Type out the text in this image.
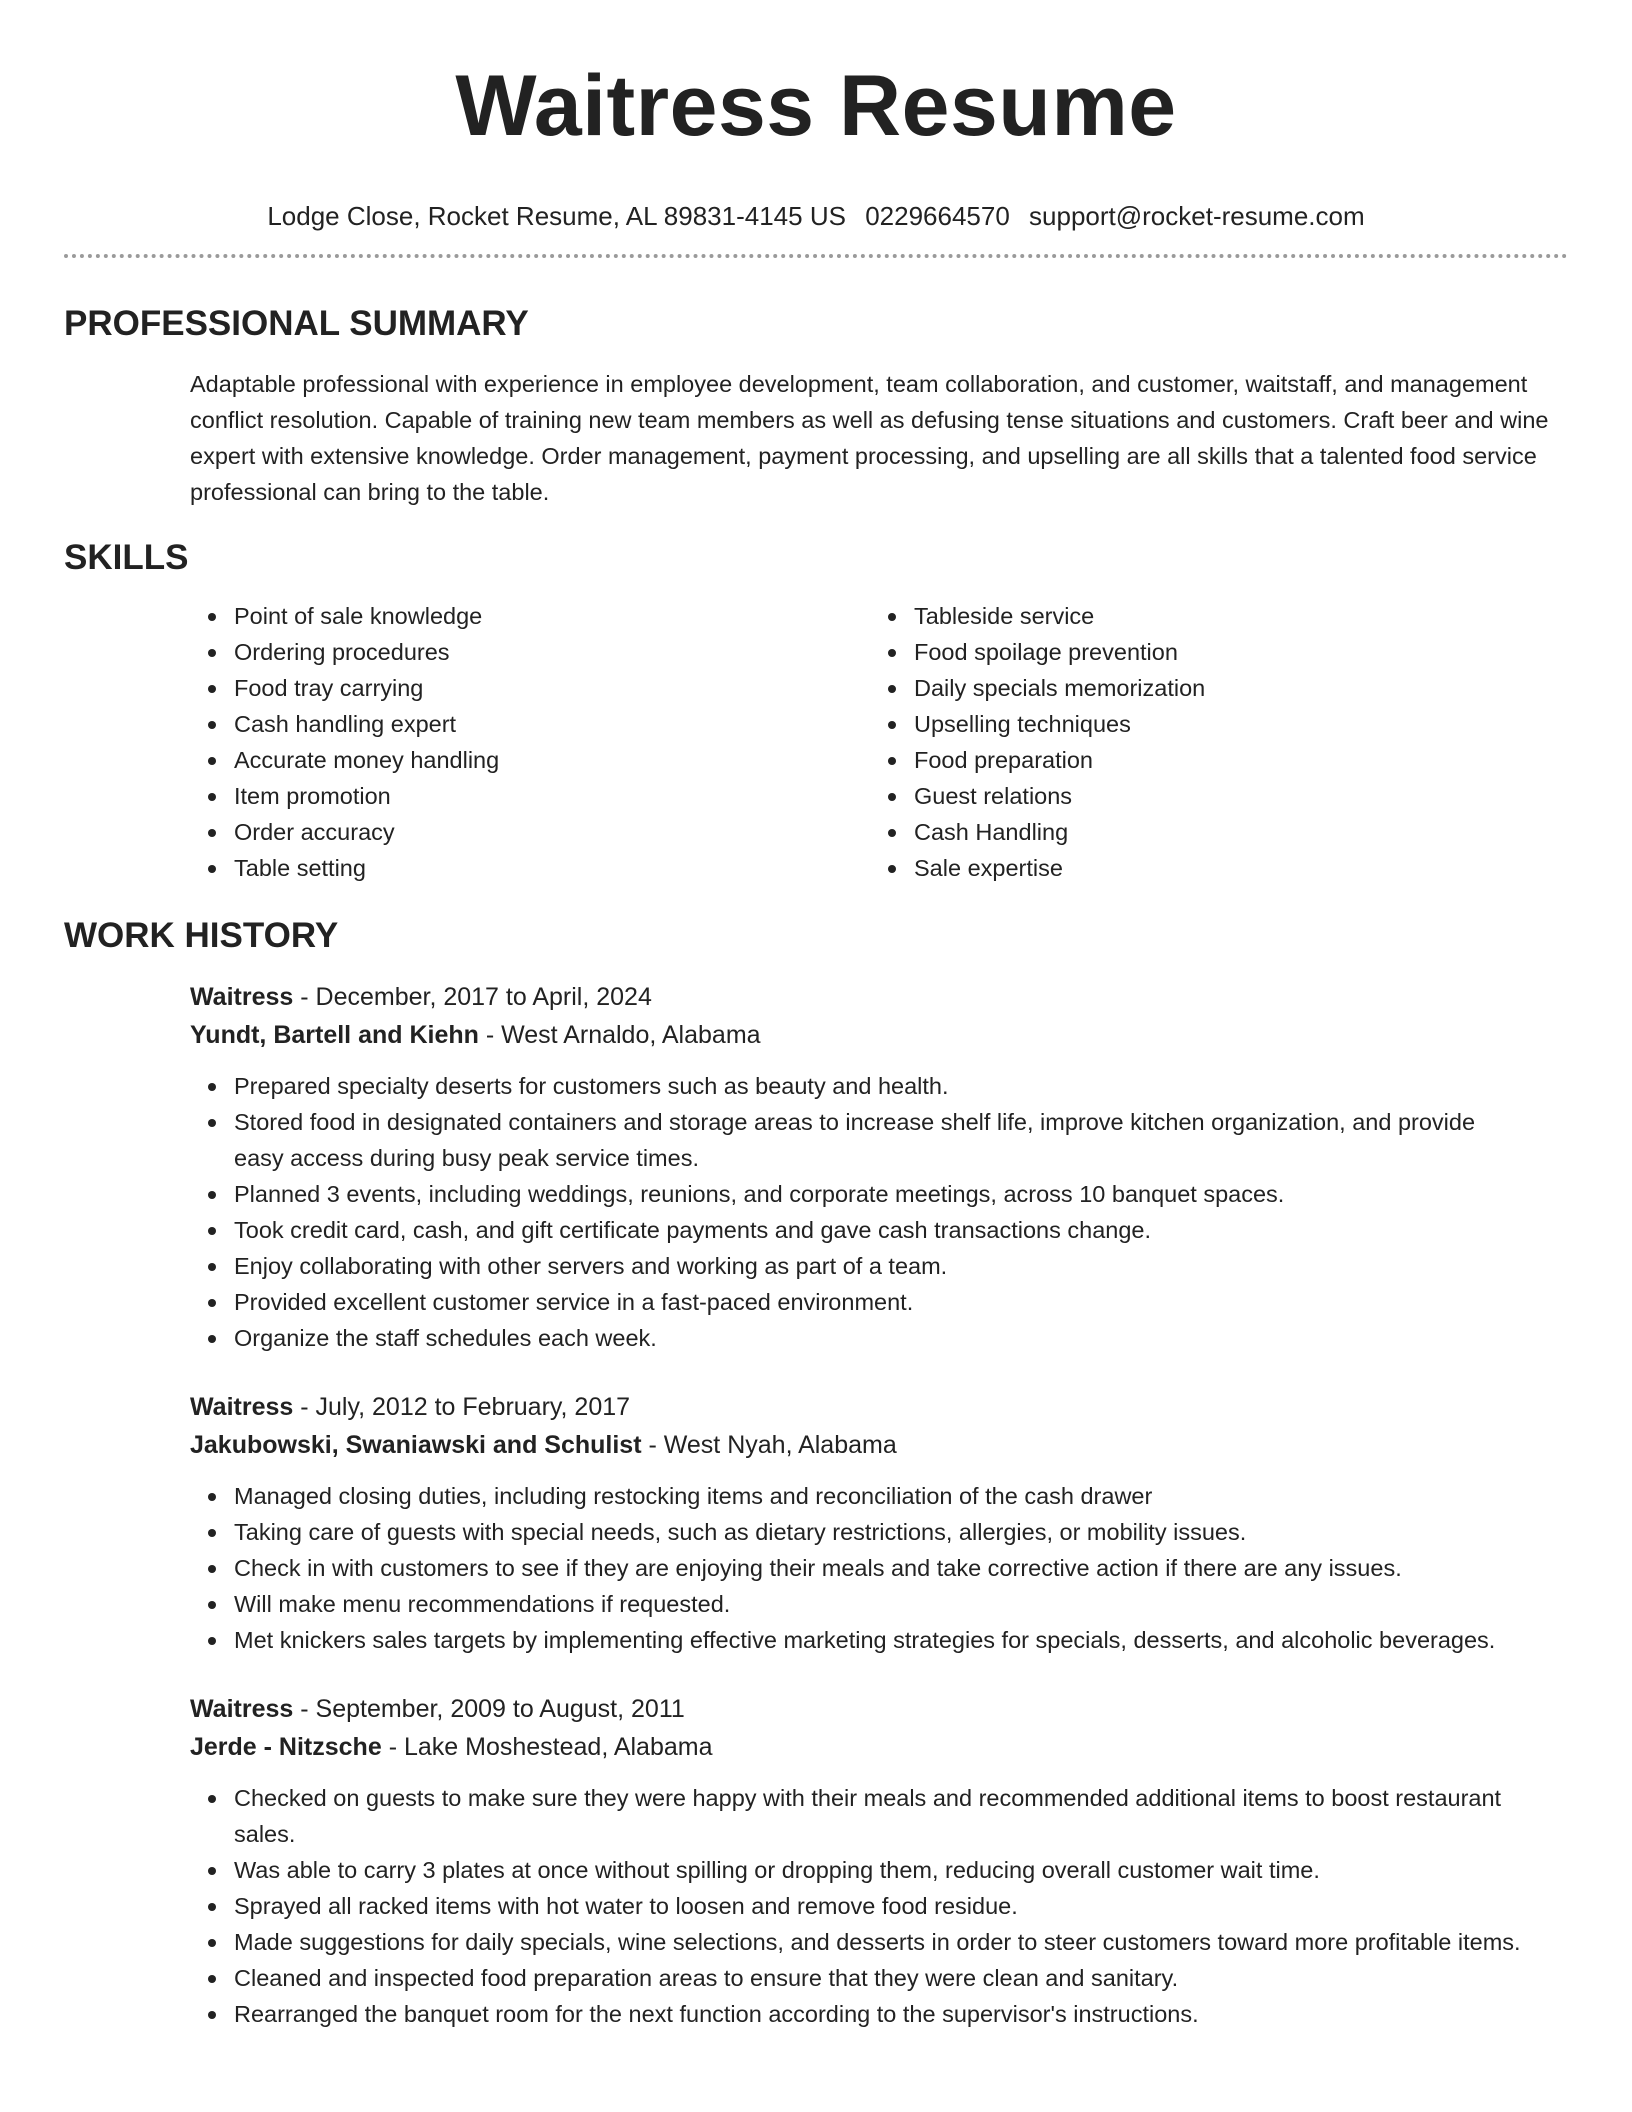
Waitress Resume
Lodge Close, Rocket Resume, AL 89831-4145 US 0229664570 support@rocket-resume.com
PROFESSIONAL SUMMARY
Adaptable professional with experience in employee development, team collaboration, and customer, waitstaff, and management conflict resolution. Capable of training new team members as well as defusing tense situations and customers. Craft beer and wine expert with extensive knowledge. Order management, payment processing, and upselling are all skills that a talented food service professional can bring to the table.
SKILLS
Point of sale knowledge
Ordering procedures
Food tray carrying
Cash handling expert
Accurate money handling
Item promotion
Order accuracy
Table setting
Tableside service
Food spoilage prevention
Daily specials memorization
Upselling techniques
Food preparation
Guest relations
Cash Handling
Sale expertise
WORK HISTORY
Waitress - December, 2017 to April, 2024
Yundt, Bartell and Kiehn - West Arnaldo, Alabama
Prepared specialty deserts for customers such as beauty and health.
Stored food in designated containers and storage areas to increase shelf life, improve kitchen organization, and provide easy access during busy peak service times.
Planned 3 events, including weddings, reunions, and corporate meetings, across 10 banquet spaces.
Took credit card, cash, and gift certificate payments and gave cash transactions change.
Enjoy collaborating with other servers and working as part of a team.
Provided excellent customer service in a fast-paced environment.
Organize the staff schedules each week.
Waitress - July, 2012 to February, 2017
Jakubowski, Swaniawski and Schulist - West Nyah, Alabama
Managed closing duties, including restocking items and reconciliation of the cash drawer
Taking care of guests with special needs, such as dietary restrictions, allergies, or mobility issues.
Check in with customers to see if they are enjoying their meals and take corrective action if there are any issues.
Will make menu recommendations if requested.
Met knickers sales targets by implementing effective marketing strategies for specials, desserts, and alcoholic beverages.
Waitress - September, 2009 to August, 2011
Jerde - Nitzsche - Lake Moshestead, Alabama
Checked on guests to make sure they were happy with their meals and recommended additional items to boost restaurant sales.
Was able to carry 3 plates at once without spilling or dropping them, reducing overall customer wait time.
Sprayed all racked items with hot water to loosen and remove food residue.
Made suggestions for daily specials, wine selections, and desserts in order to steer customers toward more profitable items.
Cleaned and inspected food preparation areas to ensure that they were clean and sanitary.
Rearranged the banquet room for the next function according to the supervisor's instructions.
